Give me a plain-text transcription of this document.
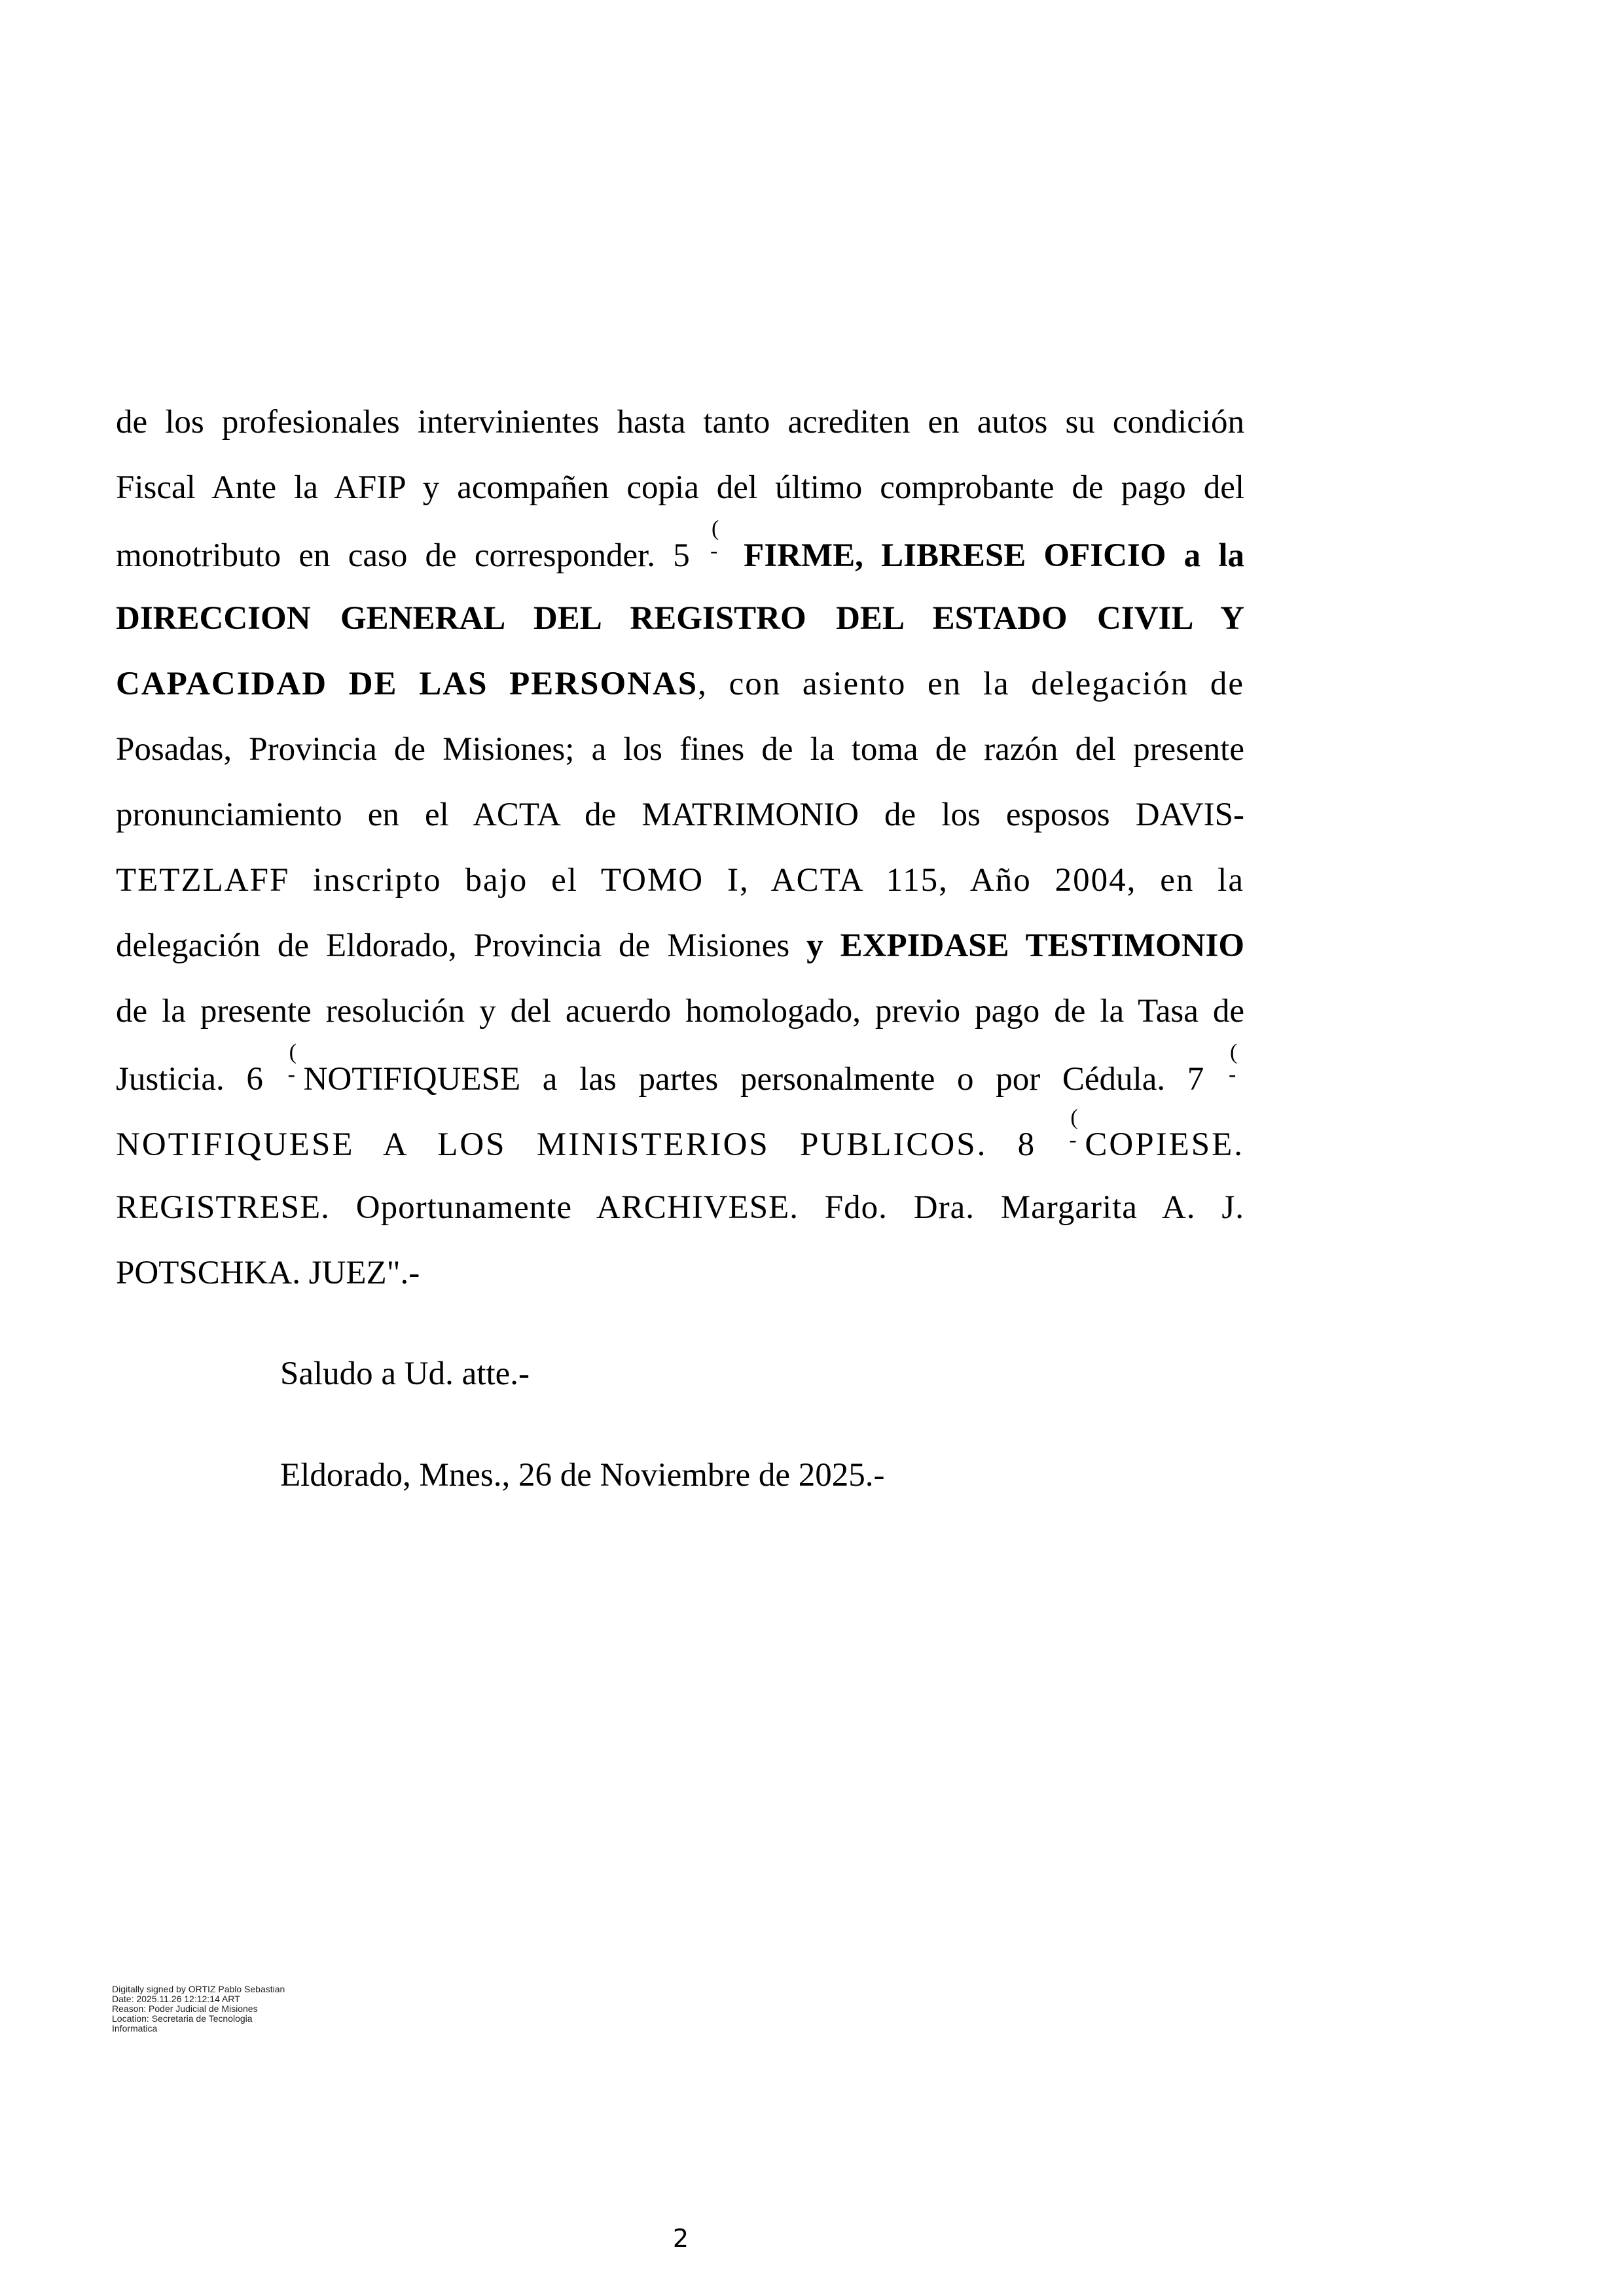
de los profesionales intervinientes hasta tanto acrediten en autos su condición
Fiscal Ante la AFIP y acompañen copia del último comprobante de pago del
monotributo en caso de corresponder. 5
(
- FIRME, LIBRESE OFICIO a la
DIRECCION GENERAL DEL REGISTRO DEL ESTADO CIVIL Y
CAPACIDAD DE LAS PERSONAS, con asiento en la delegación de
Posadas, Provincia de Misiones; a los fines de la toma de razón del presente
pronunciamiento en el ACTA de MATRIMONIO de los esposos DAVIS-
TETZLAFF inscripto bajo el TOMO I, ACTA 115, Año 2004, en la
delegación de Eldorado, Provincia de Misiones y EXPIDASE TESTIMONIO
de la presente resolución y del acuerdo homologado, previo pago de la Tasa de
Justicia. 6
(
- NOTIFIQUESE a las partes personalmente o por Cédula. 7
(
-
NOTIFIQUESE A LOS MINISTERIOS PUBLICOS. 8
(
- COPIESE.
REGISTRESE. Oportunamente ARCHIVESE. Fdo. Dra. Margarita A. J.
POTSCHKA. JUEZ".-
Saludo a Ud. atte.-
Eldorado, Mnes., 26 de Noviembre de 2025.-
Digitally signed by ORTIZ Pablo Sebastian
Date: 2025.11.26 12:12:14 ART
Reason: Poder Judicial de Misiones
Location: Secretaria de Tecnologia
Informatica
2
